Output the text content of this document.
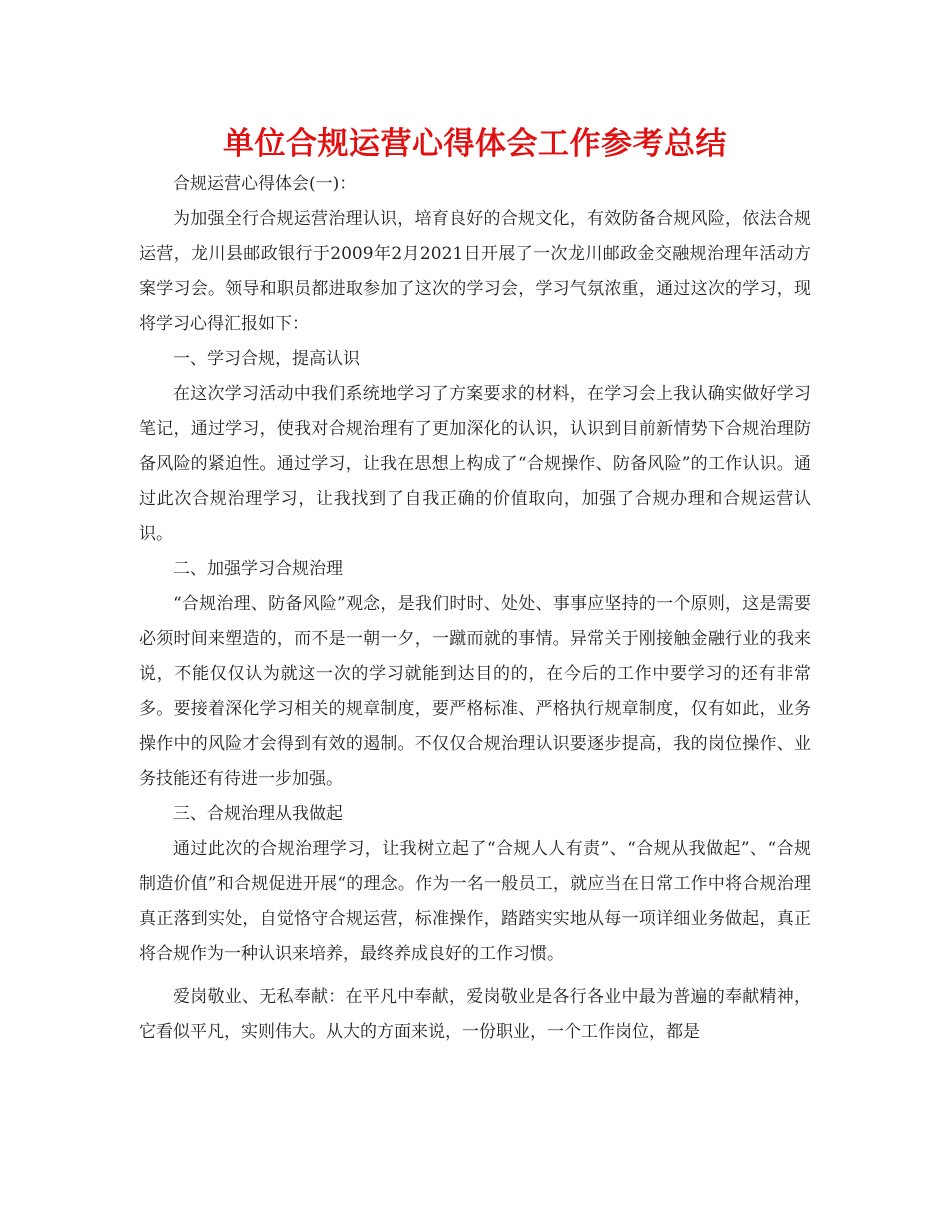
单位合规运营心得体会工作参考总结

合规运营心得体会(一)：

为加强全行合规运营治理认识，培育良好的合规文化，有效防备合规风险，依法合规运营，龙川县邮政银行于2009年2月2021日开展了一次龙川邮政金交融规治理年活动方案学习会。领导和职员都进取参加了这次的学习会，学习气氛浓重，通过这次的学习，现将学习心得汇报如下：

一、学习合规，提高认识

在这次学习活动中我们系统地学习了方案要求的材料，在学习会上我认确实做好学习笔记，通过学习，使我对合规治理有了更加深化的认识，认识到目前新情势下合规治理防备风险的紧迫性。通过学习，让我在思想上构成了“合规操作、防备风险”的工作认识。通过此次合规治理学习，让我找到了自我正确的价值取向，加强了合规办理和合规运营认识。

二、加强学习合规治理

“合规治理、防备风险”观念，是我们时时、处处、事事应坚持的一个原则，这是需要必须时间来塑造的，而不是一朝一夕，一蹴而就的事情。异常关于刚接触金融行业的我来说，不能仅仅认为就这一次的学习就能到达目的的，在今后的工作中要学习的还有非常多。要接着深化学习相关的规章制度，要严格标准、严格执行规章制度，仅有如此，业务操作中的风险才会得到有效的遏制。不仅仅合规治理认识要逐步提高，我的岗位操作、业务技能还有待进一步加强。

三、合规治理从我做起

通过此次的合规治理学习，让我树立起了“合规人人有责”、“合规从我做起”、“合规制造价值”和合规促进开展“的理念。作为一名一般员工，就应当在日常工作中将合规治理真正落到实处，自觉恪守合规运营，标准操作，踏踏实实地从每一项详细业务做起，真正将合规作为一种认识来培养，最终养成良好的工作习惯。

爱岗敬业、无私奉献：在平凡中奉献，爱岗敬业是各行各业中最为普遍的奉献精神，它看似平凡，实则伟大。从大的方面来说，一份职业，一个工作岗位，都是
